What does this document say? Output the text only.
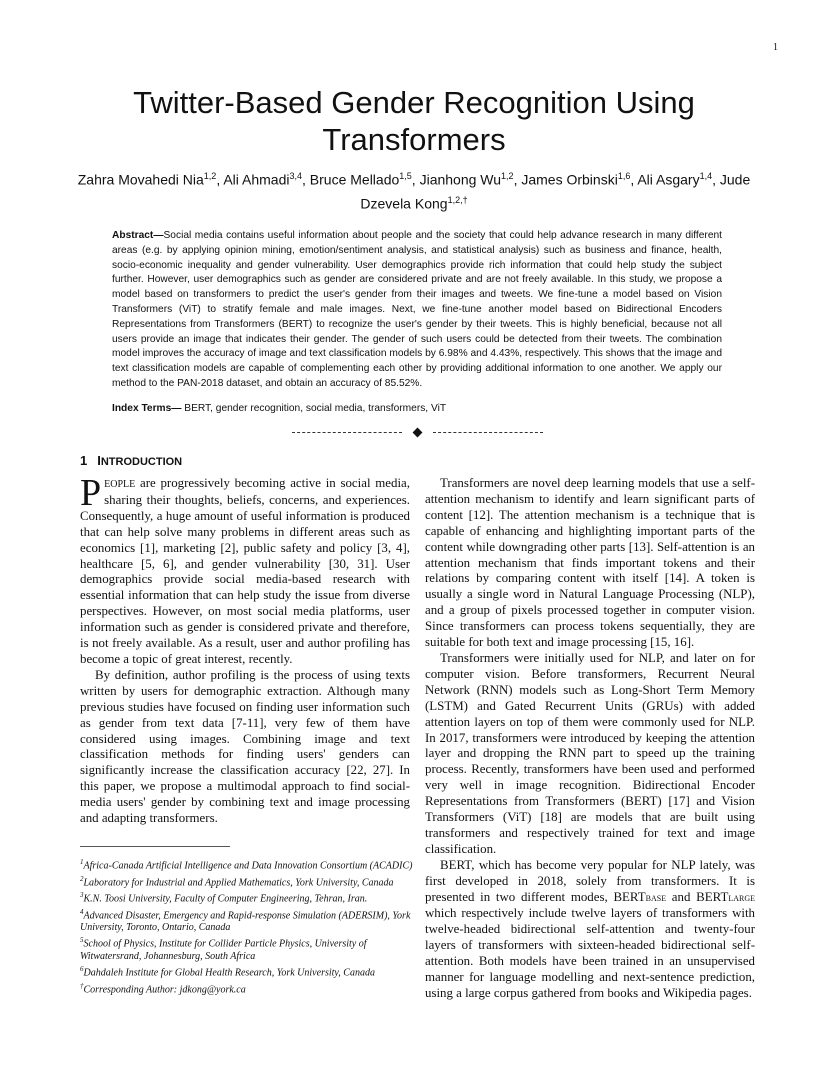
1
Twitter-Based Gender Recognition Using Transformers
Zahra Movahedi Nia$^{1,2}$, Ali Ahmadi$^{3,4}$, Bruce Mellado$^{1,5}$, Jianhong Wu$^{1,2}$, James Orbinski$^{1,6}$, Ali Asgary$^{1,4}$, Jude Dzevela Kong$^{1,2,\dagger}$

Abstract—Social media contains useful information about people and the society that could help advance research in many different areas (e.g. by applying opinion mining, emotion/sentiment analysis, and statistical analysis) such as business and finance, health, socio-economic inequality and gender vulnerability. User demographics provide rich information that could help study the subject further. However, user demographics such as gender are considered private and are not freely available. In this study, we propose a model based on transformers to predict the user's gender from their images and tweets. We fine-tune a model based on Vision Transformers (ViT) to stratify female and male images. Next, we fine-tune another model based on Bidirectional Encoders Representations from Transformers (BERT) to recognize the user's gender by their tweets. This is highly beneficial, because not all users provide an image that indicates their gender. The gender of such users could be detected from their tweets. The combination model improves the accuracy of image and text classification models by 6.98% and 4.43%, respectively. This shows that the image and text classification models are capable of complementing each other by providing additional information to one another. We apply our method to the PAN-2018 dataset, and obtain an accuracy of 85.52%.

Index Terms— BERT, gender recognition, social media, transformers, ViT

1 INTRODUCTION

PEOPLE are progressively becoming active in social media, sharing their thoughts, beliefs, concerns, and experiences. Consequently, a huge amount of useful information is produced that can help solve many problems in different areas such as economics [1], marketing [2], public safety and policy [3, 4], healthcare [5, 6], and gender vulnerability [30, 31]. User demographics provide social media-based research with essential information that can help study the issue from diverse perspectives. However, on most social media platforms, user information such as gender is considered private and therefore, is not freely available. As a result, user and author profiling has become a topic of great interest, recently.

By definition, author profiling is the process of using texts written by users for demographic extraction. Although many previous studies have focused on finding user information such as gender from text data [7-11], very few of them have considered using images. Combining image and text classification methods for finding users' genders can significantly increase the classification accuracy [22, 27]. In this paper, we propose a multimodal approach to find social-media users' gender by combining text and image processing and adapting transformers.

$^1$Africa-Canada Artificial Intelligence and Data Innovation Consortium (ACADIC)
$^2$Laboratory for Industrial and Applied Mathematics, York University, Canada
$^3$K.N. Toosi University, Faculty of Computer Engineering, Tehran, Iran.
$^4$Advanced Disaster, Emergency and Rapid-response Simulation (ADERSIM), York University, Toronto, Ontario, Canada
$^5$School of Physics, Institute for Collider Particle Physics, University of Witwatersrand, Johannesburg, South Africa
$^6$Dahdaleh Institute for Global Health Research, York University, Canada
†Corresponding Author: jdkong@york.ca

Transformers are novel deep learning models that use a self-attention mechanism to identify and learn significant parts of content [12]. The attention mechanism is a technique that is capable of enhancing and highlighting important parts of the content while downgrading other parts [13]. Self-attention is an attention mechanism that finds important tokens and their relations by comparing content with itself [14]. A token is usually a single word in Natural Language Processing (NLP), and a group of pixels processed together in computer vision. Since transformers can process tokens sequentially, they are suitable for both text and image processing [15, 16].

Transformers were initially used for NLP, and later on for computer vision. Before transformers, Recurrent Neural Network (RNN) models such as Long-Short Term Memory (LSTM) and Gated Recurrent Units (GRUs) with added attention layers on top of them were commonly used for NLP. In 2017, transformers were introduced by keeping the attention layer and dropping the RNN part to speed up the training process. Recently, transformers have been used and performed very well in image recognition. Bidirectional Encoder Representations from Transformers (BERT) [17] and Vision Transformers (ViT) [18] are models that are built using transformers and respectively trained for text and image classification.

BERT, which has become very popular for NLP lately, was first developed in 2018, solely from transformers. It is presented in two different modes, BERTBASE and BERTLARGE which respectively include twelve layers of transformers with twelve-headed bidirectional self-attention and twenty-four layers of transformers with sixteen-headed bidirectional self-attention. Both models have been trained in an unsupervised manner for language modelling and next-sentence prediction, using a large corpus gathered from books and Wikipedia pages.
